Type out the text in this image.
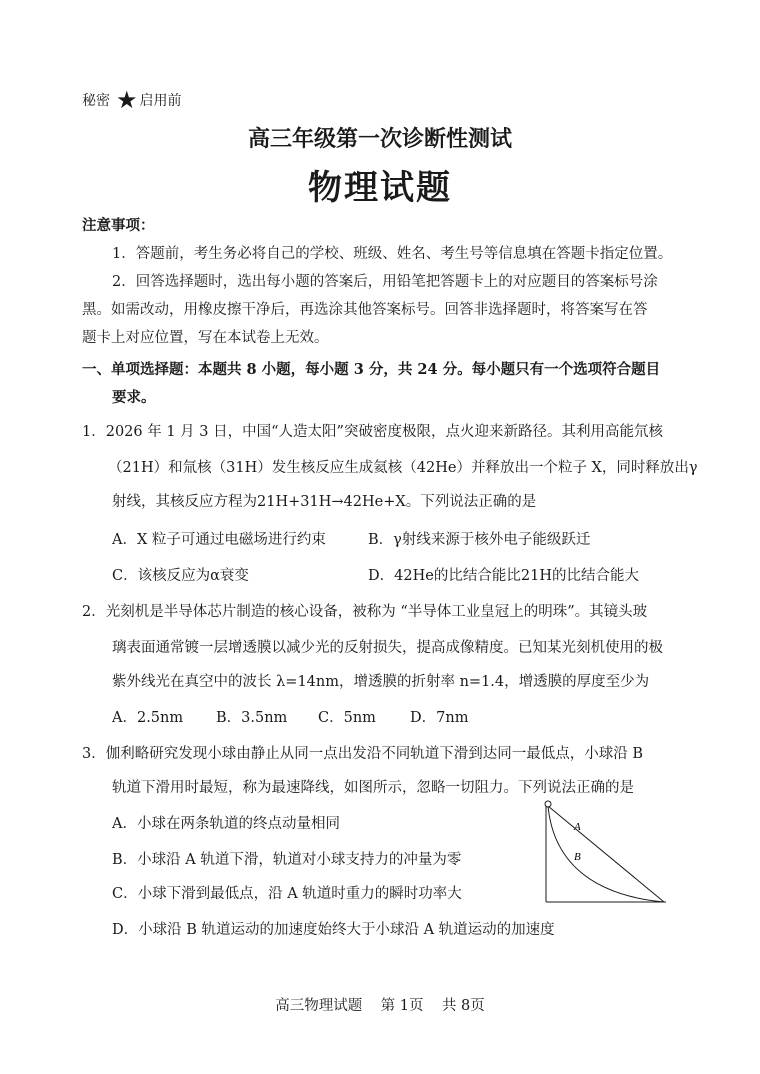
秘密 ★ 启用前
高三年级第一次诊断性测试
物理试题
注意事项：
1．答题前，考生务必将自己的学校、班级、姓名、考生号等信息填在答题卡指定位置。
2．回答选择题时，选出每小题的答案后，用铅笔把答题卡上的对应题目的答案标号涂
黑。如需改动，用橡皮擦干净后，再选涂其他答案标号。回答非选择题时，将答案写在答
题卡上对应位置，写在本试卷上无效。
一、单项选择题：本题共 8 小题，每小题 3 分，共 24 分。每小题只有一个选项符合题目
要求。
1．2026 年 1 月 3 日，中国“人造太阳”突破密度极限，点火迎来新路径。其利用高能氘核
（21H）和氚核（31H）发生核反应生成氦核（42He）并释放出一个粒子 X，同时释放出γ
射线，其核反应方程为21H+31H→42He+X。下列说法正确的是
A．X 粒子可通过电磁场进行约束	B．γ射线来源于核外电子能级跃迁
C．该核反应为α衰变	D．42He的比结合能比21H的比结合能大
2．光刻机是半导体芯片制造的核心设备，被称为 “半导体工业皇冠上的明珠”。其镜头玻
璃表面通常镀一层增透膜以减少光的反射损失，提高成像精度。已知某光刻机使用的极
紫外线光在真空中的波长 λ=14nm，增透膜的折射率 n=1.4，增透膜的厚度至少为
A．2.5nm B．3.5nm C．5nm D．7nm
3．伽利略研究发现小球由静止从同一点出发沿不同轨道下滑到达同一最低点，小球沿 B
轨道下滑用时最短，称为最速降线，如图所示，忽略一切阻力。下列说法正确的是
A．小球在两条轨道的终点动量相同
B．小球沿 A 轨道下滑，轨道对小球支持力的冲量为零
C．小球下滑到最低点，沿 A 轨道时重力的瞬时功率大
D．小球沿 B 轨道运动的加速度始终大于小球沿 A 轨道运动的加速度
A
B
高三物理试题    第 1页    共 8页
